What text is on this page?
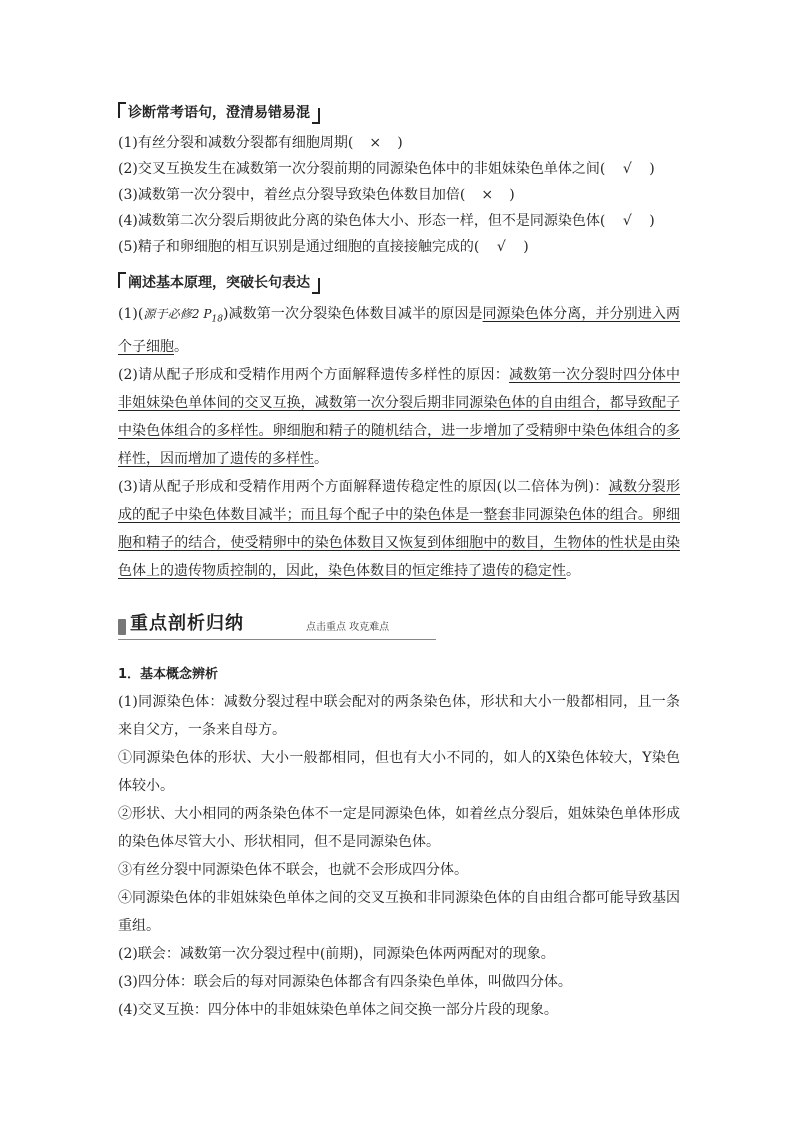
诊断常考语句，澄清易错易混
(1)有丝分裂和减数分裂都有细胞周期( × )
(2)交叉互换发生在减数第一次分裂前期的同源染色体中的非姐妹染色单体之间( √ )
(3)减数第一次分裂中，着丝点分裂导致染色体数目加倍( × )
(4)减数第二次分裂后期彼此分离的染色体大小、形态一样，但不是同源染色体( √ )
(5)精子和卵细胞的相互识别是通过细胞的直接接触完成的( √ )
阐述基本原理，突破长句表达
(1)(源于必修2 $P_{18}$)减数第一次分裂染色体数目减半的原因是同源染色体分离，并分别进入两个子细胞。
(2)请从配子形成和受精作用两个方面解释遗传多样性的原因：减数第一次分裂时四分体中非姐妹染色单体间的交叉互换，减数第一次分裂后期非同源染色体的自由组合，都导致配子中染色体组合的多样性。卵细胞和精子的随机结合，进一步增加了受精卵中染色体组合的多样性，因而增加了遗传的多样性。
(3)请从配子形成和受精作用两个方面解释遗传稳定性的原因(以二倍体为例)：减数分裂形成的配子中染色体数目减半；而且每个配子中的染色体是一整套非同源染色体的组合。卵细胞和精子的结合，使受精卵中的染色体数目又恢复到体细胞中的数目，生物体的性状是由染色体上的遗传物质控制的，因此，染色体数目的恒定维持了遗传的稳定性。
重点剖析归纳	点击重点 攻克难点
1．基本概念辨析
(1)同源染色体：减数分裂过程中联会配对的两条染色体，形状和大小一般都相同，且一条来自父方，一条来自母方。
①同源染色体的形状、大小一般都相同，但也有大小不同的，如人的X染色体较大，Y染色体较小。
②形状、大小相同的两条染色体不一定是同源染色体，如着丝点分裂后，姐妹染色单体形成的染色体尽管大小、形状相同，但不是同源染色体。
③有丝分裂中同源染色体不联会，也就不会形成四分体。
④同源染色体的非姐妹染色单体之间的交叉互换和非同源染色体的自由组合都可能导致基因重组。
(2)联会：减数第一次分裂过程中(前期)，同源染色体两两配对的现象。
(3)四分体：联会后的每对同源染色体都含有四条染色单体，叫做四分体。
(4)交叉互换：四分体中的非姐妹染色单体之间交换一部分片段的现象。
